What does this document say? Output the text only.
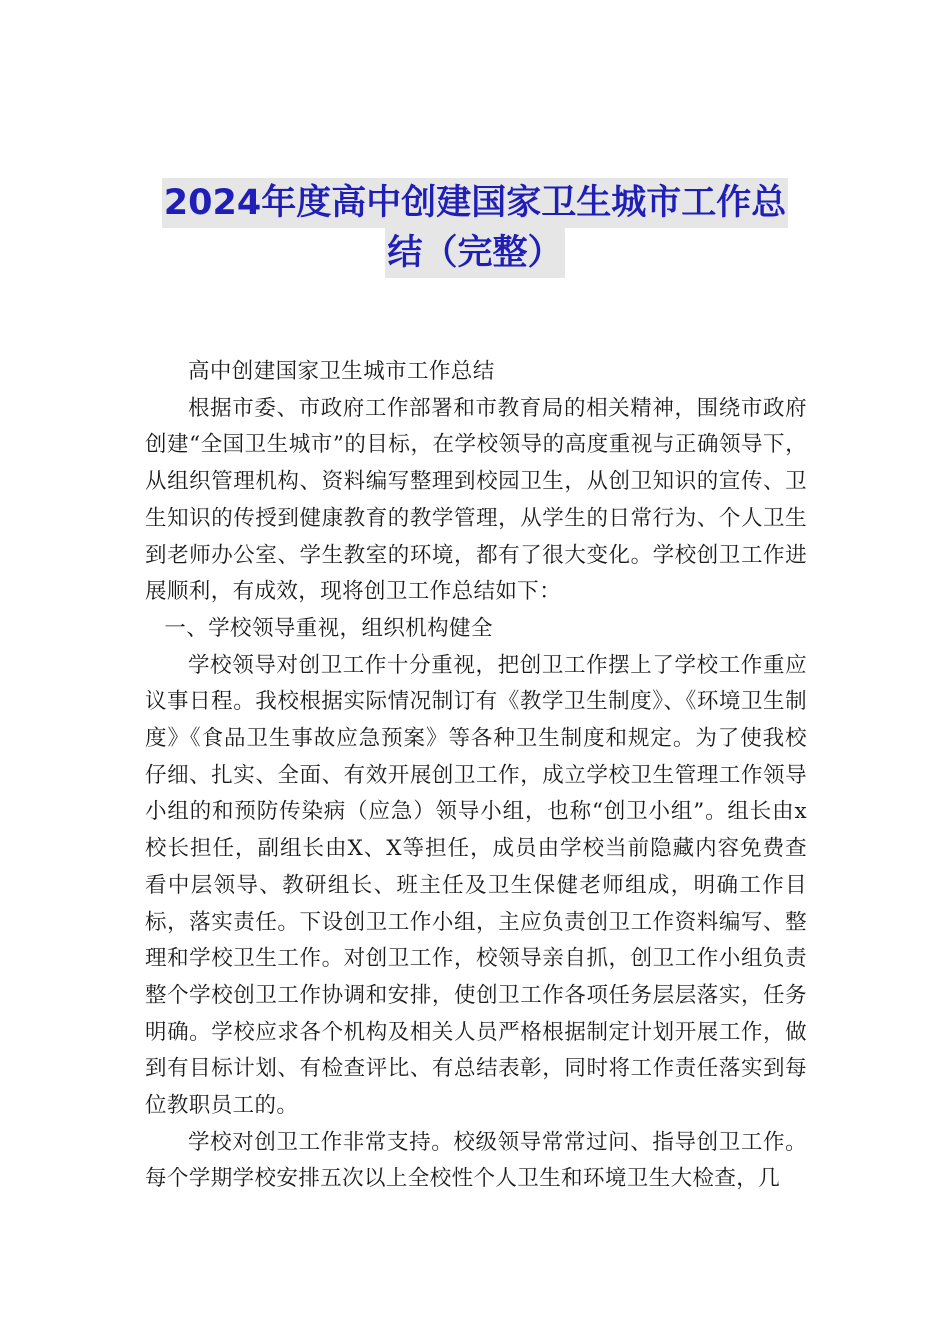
2024年度高中创建国家卫生城市工作总
结（完整）

高中创建国家卫生城市工作总结

根据市委、市政府工作部署和市教育局的相关精神，围绕市政府创建“全国卫生城市”的目标，在学校领导的高度重视与正确领导下，从组织管理机构、资料编写整理到校园卫生，从创卫知识的宣传、卫生知识的传授到健康教育的教学管理，从学生的日常行为、个人卫生到老师办公室、学生教室的环境，都有了很大变化。学校创卫工作进展顺利，有成效，现将创卫工作总结如下：

一、学校领导重视，组织机构健全

学校领导对创卫工作十分重视，把创卫工作摆上了学校工作重应议事日程。我校根据实际情况制订有《教学卫生制度》、《环境卫生制度》《食品卫生事故应急预案》等各种卫生制度和规定。为了使我校仔细、扎实、全面、有效开展创卫工作，成立学校卫生管理工作领导小组的和预防传染病（应急）领导小组，也称“创卫小组”。组长由x校长担任，副组长由X、X等担任，成员由学校当前隐藏内容免费查看中层领导、教研组长、班主任及卫生保健老师组成，明确工作目标，落实责任。下设创卫工作小组，主应负责创卫工作资料编写、整理和学校卫生工作。对创卫工作，校领导亲自抓，创卫工作小组负责整个学校创卫工作协调和安排，使创卫工作各项任务层层落实，任务明确。学校应求各个机构及相关人员严格根据制定计划开展工作，做到有目标计划、有检查评比、有总结表彰，同时将工作责任落实到每位教职员工的。

学校对创卫工作非常支持。校级领导常常过问、指导创卫工作。每个学期学校安排五次以上全校性个人卫生和环境卫生大检查，几
